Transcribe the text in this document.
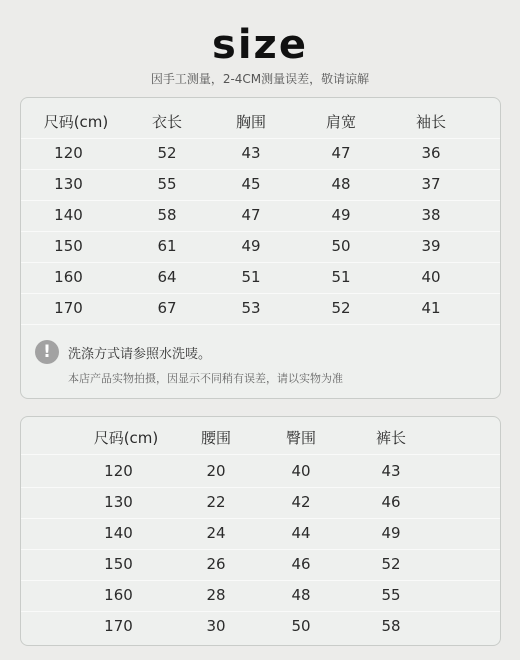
size
因手工测量，2-4CM测量误差，敬请谅解
尺码(cm)	衣长	胸围	肩宽	袖长
120	52	43	47	36
130	55	45	48	37
140	58	47	49	38
150	61	49	50	39
160	64	51	51	40
170	67	53	52	41
!	洗涤方式请参照水洗唛。
本店产品实物拍摄，因显示不同稍有误差，请以实物为准
尺码(cm)	腰围	臀围	裤长
120	20	40	43
130	22	42	46
140	24	44	49
150	26	46	52
160	28	48	55
170	30	50	58
